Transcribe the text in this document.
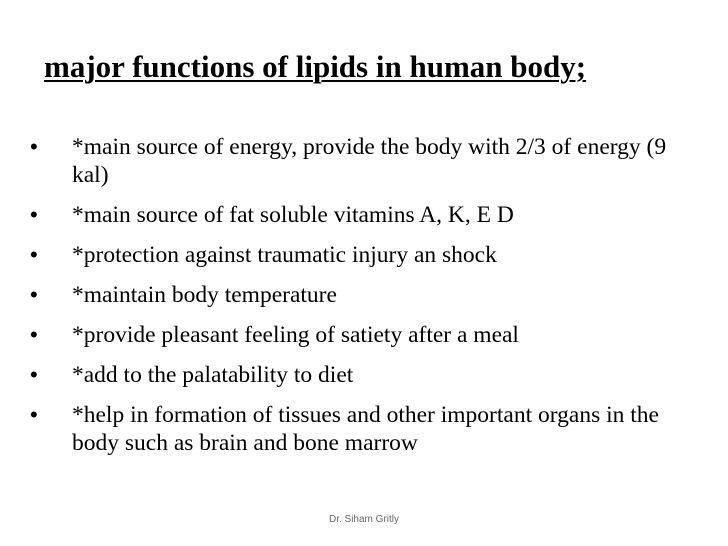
major functions of lipids in human body;
• *main source of energy, provide the body with 2/3 of energy (9 kal)
• *main source of fat soluble vitamins A, K, E D
• *protection against traumatic injury an shock
• *maintain body temperature
• *provide pleasant feeling of satiety after a meal
• *add to the palatability to diet
• *help in formation of tissues and other important organs in the body such as brain and bone marrow
Dr. Siham Gritly
